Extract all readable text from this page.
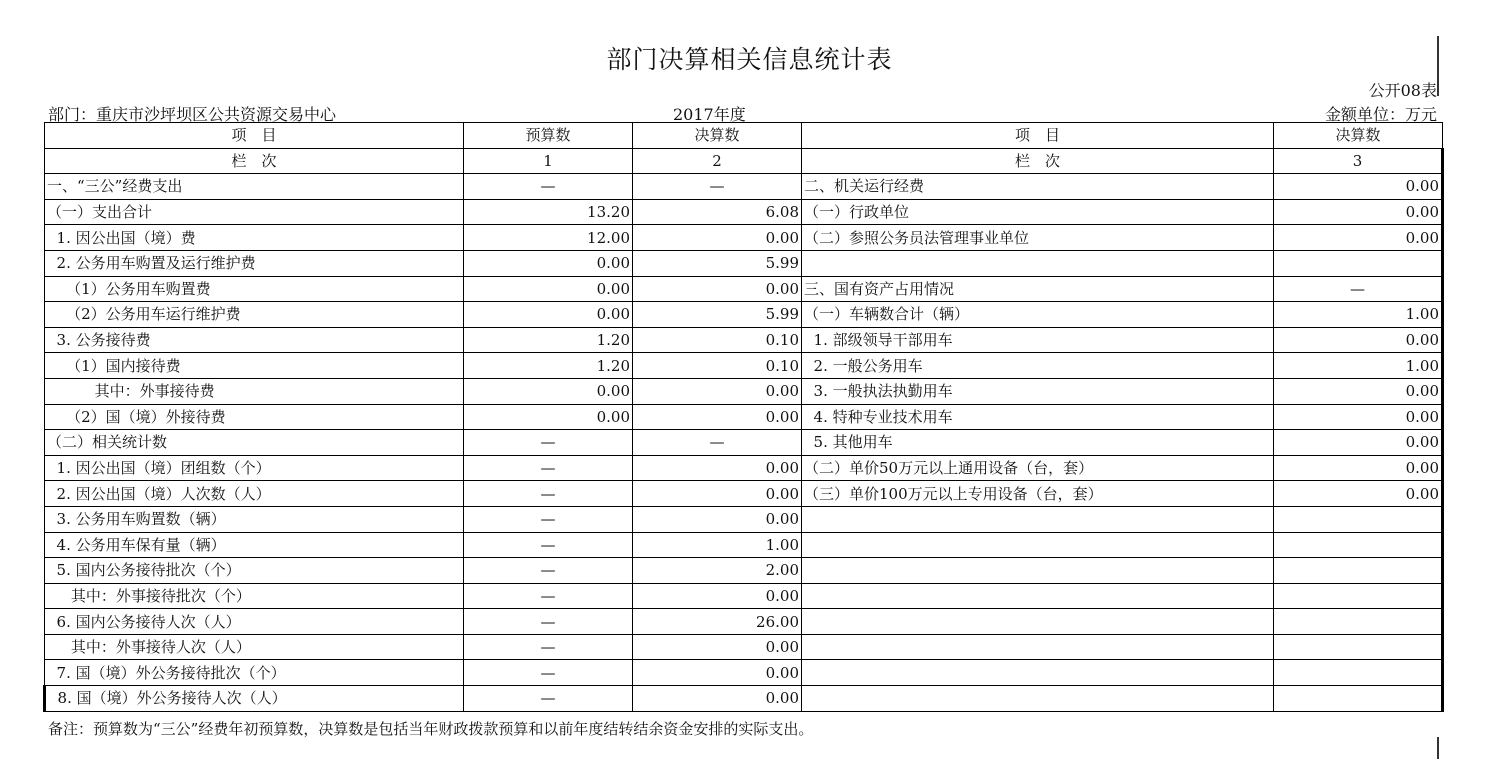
部门决算相关信息统计表
公开08表
部门：重庆市沙坪坝区公共资源交易中心	2017年度	金额单位：万元
项　目	预算数	决算数	项　目	决算数
栏　次	1	2	栏　次	3
一、“三公”经费支出	—	—	二、机关运行经费	0.00
（一）支出合计	13.20	6.08	（一）行政单位	0.00
1. 因公出国（境）费	12.00	0.00	（二）参照公务员法管理事业单位	0.00
2. 公务用车购置及运行维护费	0.00	5.99		
（1）公务用车购置费	0.00	0.00	三、国有资产占用情况	—
（2）公务用车运行维护费	0.00	5.99	（一）车辆数合计（辆）	1.00
3. 公务接待费	1.20	0.10	1. 部级领导干部用车	0.00
（1）国内接待费	1.20	0.10	2. 一般公务用车	1.00
其中：外事接待费	0.00	0.00	3. 一般执法执勤用车	0.00
（2）国（境）外接待费	0.00	0.00	4. 特种专业技术用车	0.00
（二）相关统计数	—	—	5. 其他用车	0.00
1. 因公出国（境）团组数（个）	—	0.00	（二）单价50万元以上通用设备（台，套）	0.00
2. 因公出国（境）人次数（人）	—	0.00	（三）单价100万元以上专用设备（台，套）	0.00
3. 公务用车购置数（辆）	—	0.00		
4. 公务用车保有量（辆）	—	1.00		
5. 国内公务接待批次（个）	—	2.00		
其中：外事接待批次（个）	—	0.00		
6. 国内公务接待人次（人）	—	26.00		
其中：外事接待人次（人）	—	0.00		
7. 国（境）外公务接待批次（个）	—	0.00		
8. 国（境）外公务接待人次（人）	—	0.00		
备注：预算数为“三公”经费年初预算数，决算数是包括当年财政拨款预算和以前年度结转结余资金安排的实际支出。
